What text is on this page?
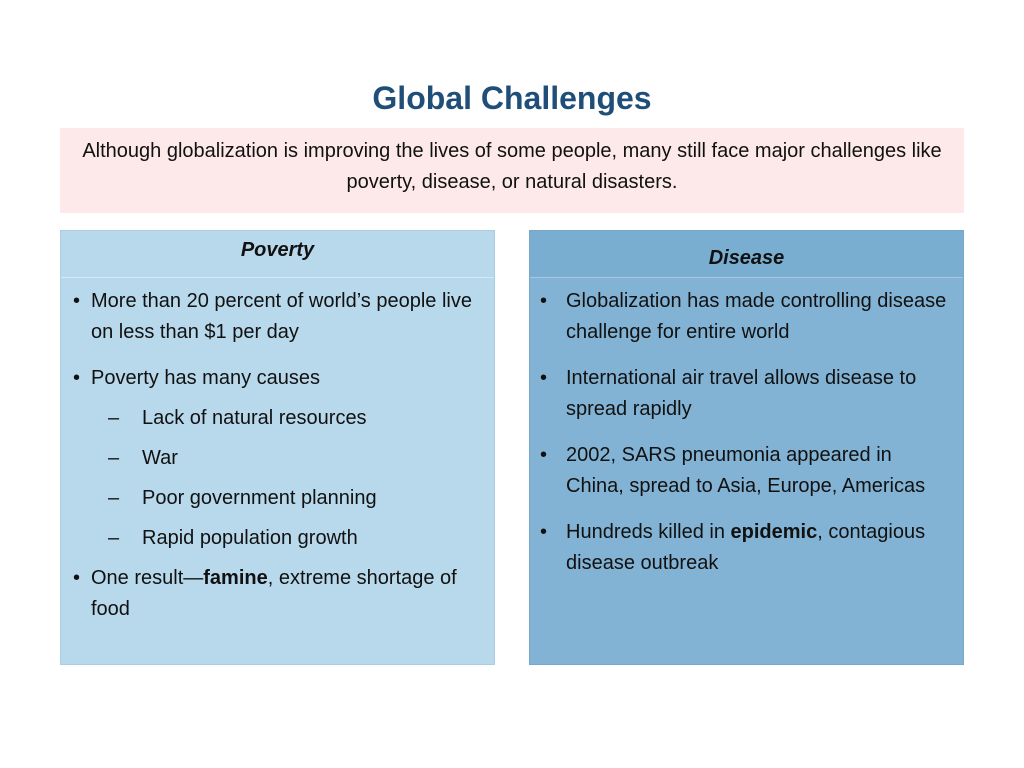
Global Challenges
Although globalization is improving the lives of some people, many still face major challenges like poverty, disease, or natural disasters.
Poverty
• More than 20 percent of world’s people live on less than $1 per day
• Poverty has many causes
–	Lack of natural resources
–	War
–	Poor government planning
–	Rapid population growth
• One result—famine, extreme shortage of food
Disease
• Globalization has made controlling disease challenge for entire world
• International air travel allows disease to spread rapidly
• 2002, SARS pneumonia appeared in China, spread to Asia, Europe, Americas
• Hundreds killed in epidemic, contagious disease outbreak
